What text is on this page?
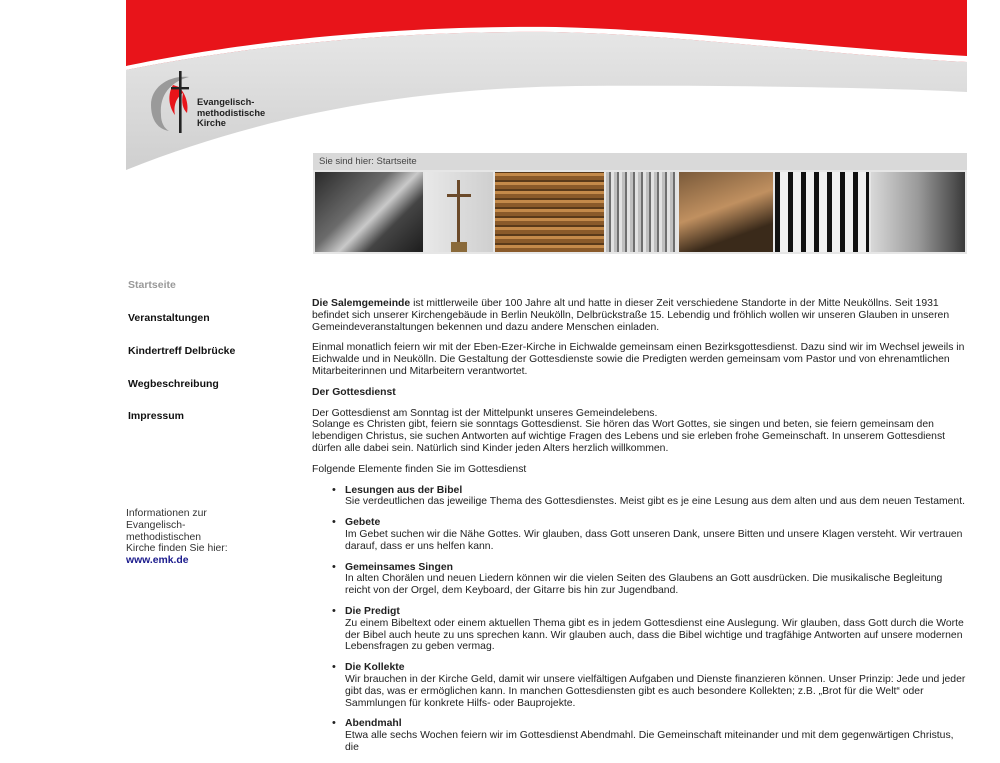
Evangelisch-
methodistische
Kirche
Sie sind hier: Startseite
Startseite
Veranstaltungen
Kindertreff Delbrücke
Wegbeschreibung
Impressum
Informationen zur
Evangelisch-
methodistischen
Kirche finden Sie hier:
www.emk.de

Die Salemgemeinde ist mittlerweile über 100 Jahre alt und hatte in dieser Zeit verschiedene Standorte in der Mitte Neuköllns. Seit 1931 befindet sich unserer Kirchengebäude in Berlin Neukölln, Delbrückstraße 15. Lebendig und fröhlich wollen wir unseren Glauben in unseren Gemeindeveranstaltungen bekennen und dazu andere Menschen einladen.

Einmal monatlich feiern wir mit der Eben-Ezer-Kirche in Eichwalde gemeinsam einen Bezirksgottesdienst. Dazu sind wir im Wechsel jeweils in Eichwalde und in Neukölln. Die Gestaltung der Gottesdienste sowie die Predigten werden gemeinsam vom Pastor und von ehrenamtlichen Mitarbeiterinnen und Mitarbeitern verantwortet.

Der Gottesdienst

Der Gottesdienst am Sonntag ist der Mittelpunkt unseres Gemeindelebens.
Solange es Christen gibt, feiern sie sonntags Gottesdienst. Sie hören das Wort Gottes, sie singen und beten, sie feiern gemeinsam den lebendigen Christus, sie suchen Antworten auf wichtige Fragen des Lebens und sie erleben frohe Gemeinschaft. In unserem Gottesdienst dürfen alle dabei sein. Natürlich sind Kinder jeden Alters herzlich willkommen.

Folgende Elemente finden Sie im Gottesdienst

• Lesungen aus der Bibel
Sie verdeutlichen das jeweilige Thema des Gottesdienstes. Meist gibt es je eine Lesung aus dem alten und aus dem neuen Testament.
• Gebete
Im Gebet suchen wir die Nähe Gottes. Wir glauben, dass Gott unseren Dank, unsere Bitten und unsere Klagen versteht. Wir vertrauen darauf, dass er uns helfen kann.
• Gemeinsames Singen
In alten Chorälen und neuen Liedern können wir die vielen Seiten des Glaubens an Gott ausdrücken. Die musikalische Begleitung reicht von der Orgel, dem Keyboard, der Gitarre bis hin zur Jugendband.
• Die Predigt
Zu einem Bibeltext oder einem aktuellen Thema gibt es in jedem Gottesdienst eine Auslegung. Wir glauben, dass Gott durch die Worte der Bibel auch heute zu uns sprechen kann. Wir glauben auch, dass die Bibel wichtige und tragfähige Antworten auf unsere modernen Lebensfragen zu geben vermag.
• Die Kollekte
Wir brauchen in der Kirche Geld, damit wir unsere vielfältigen Aufgaben und Dienste finanzieren können. Unser Prinzip: Jede und jeder gibt das, was er ermöglichen kann. In manchen Gottesdiensten gibt es auch besondere Kollekten; z.B. „Brot für die Welt“ oder Sammlungen für konkrete Hilfs- oder Bauprojekte.
• Abendmahl
Etwa alle sechs Wochen feiern wir im Gottesdienst Abendmahl. Die Gemeinschaft miteinander und mit dem gegenwärtigen Christus, die
